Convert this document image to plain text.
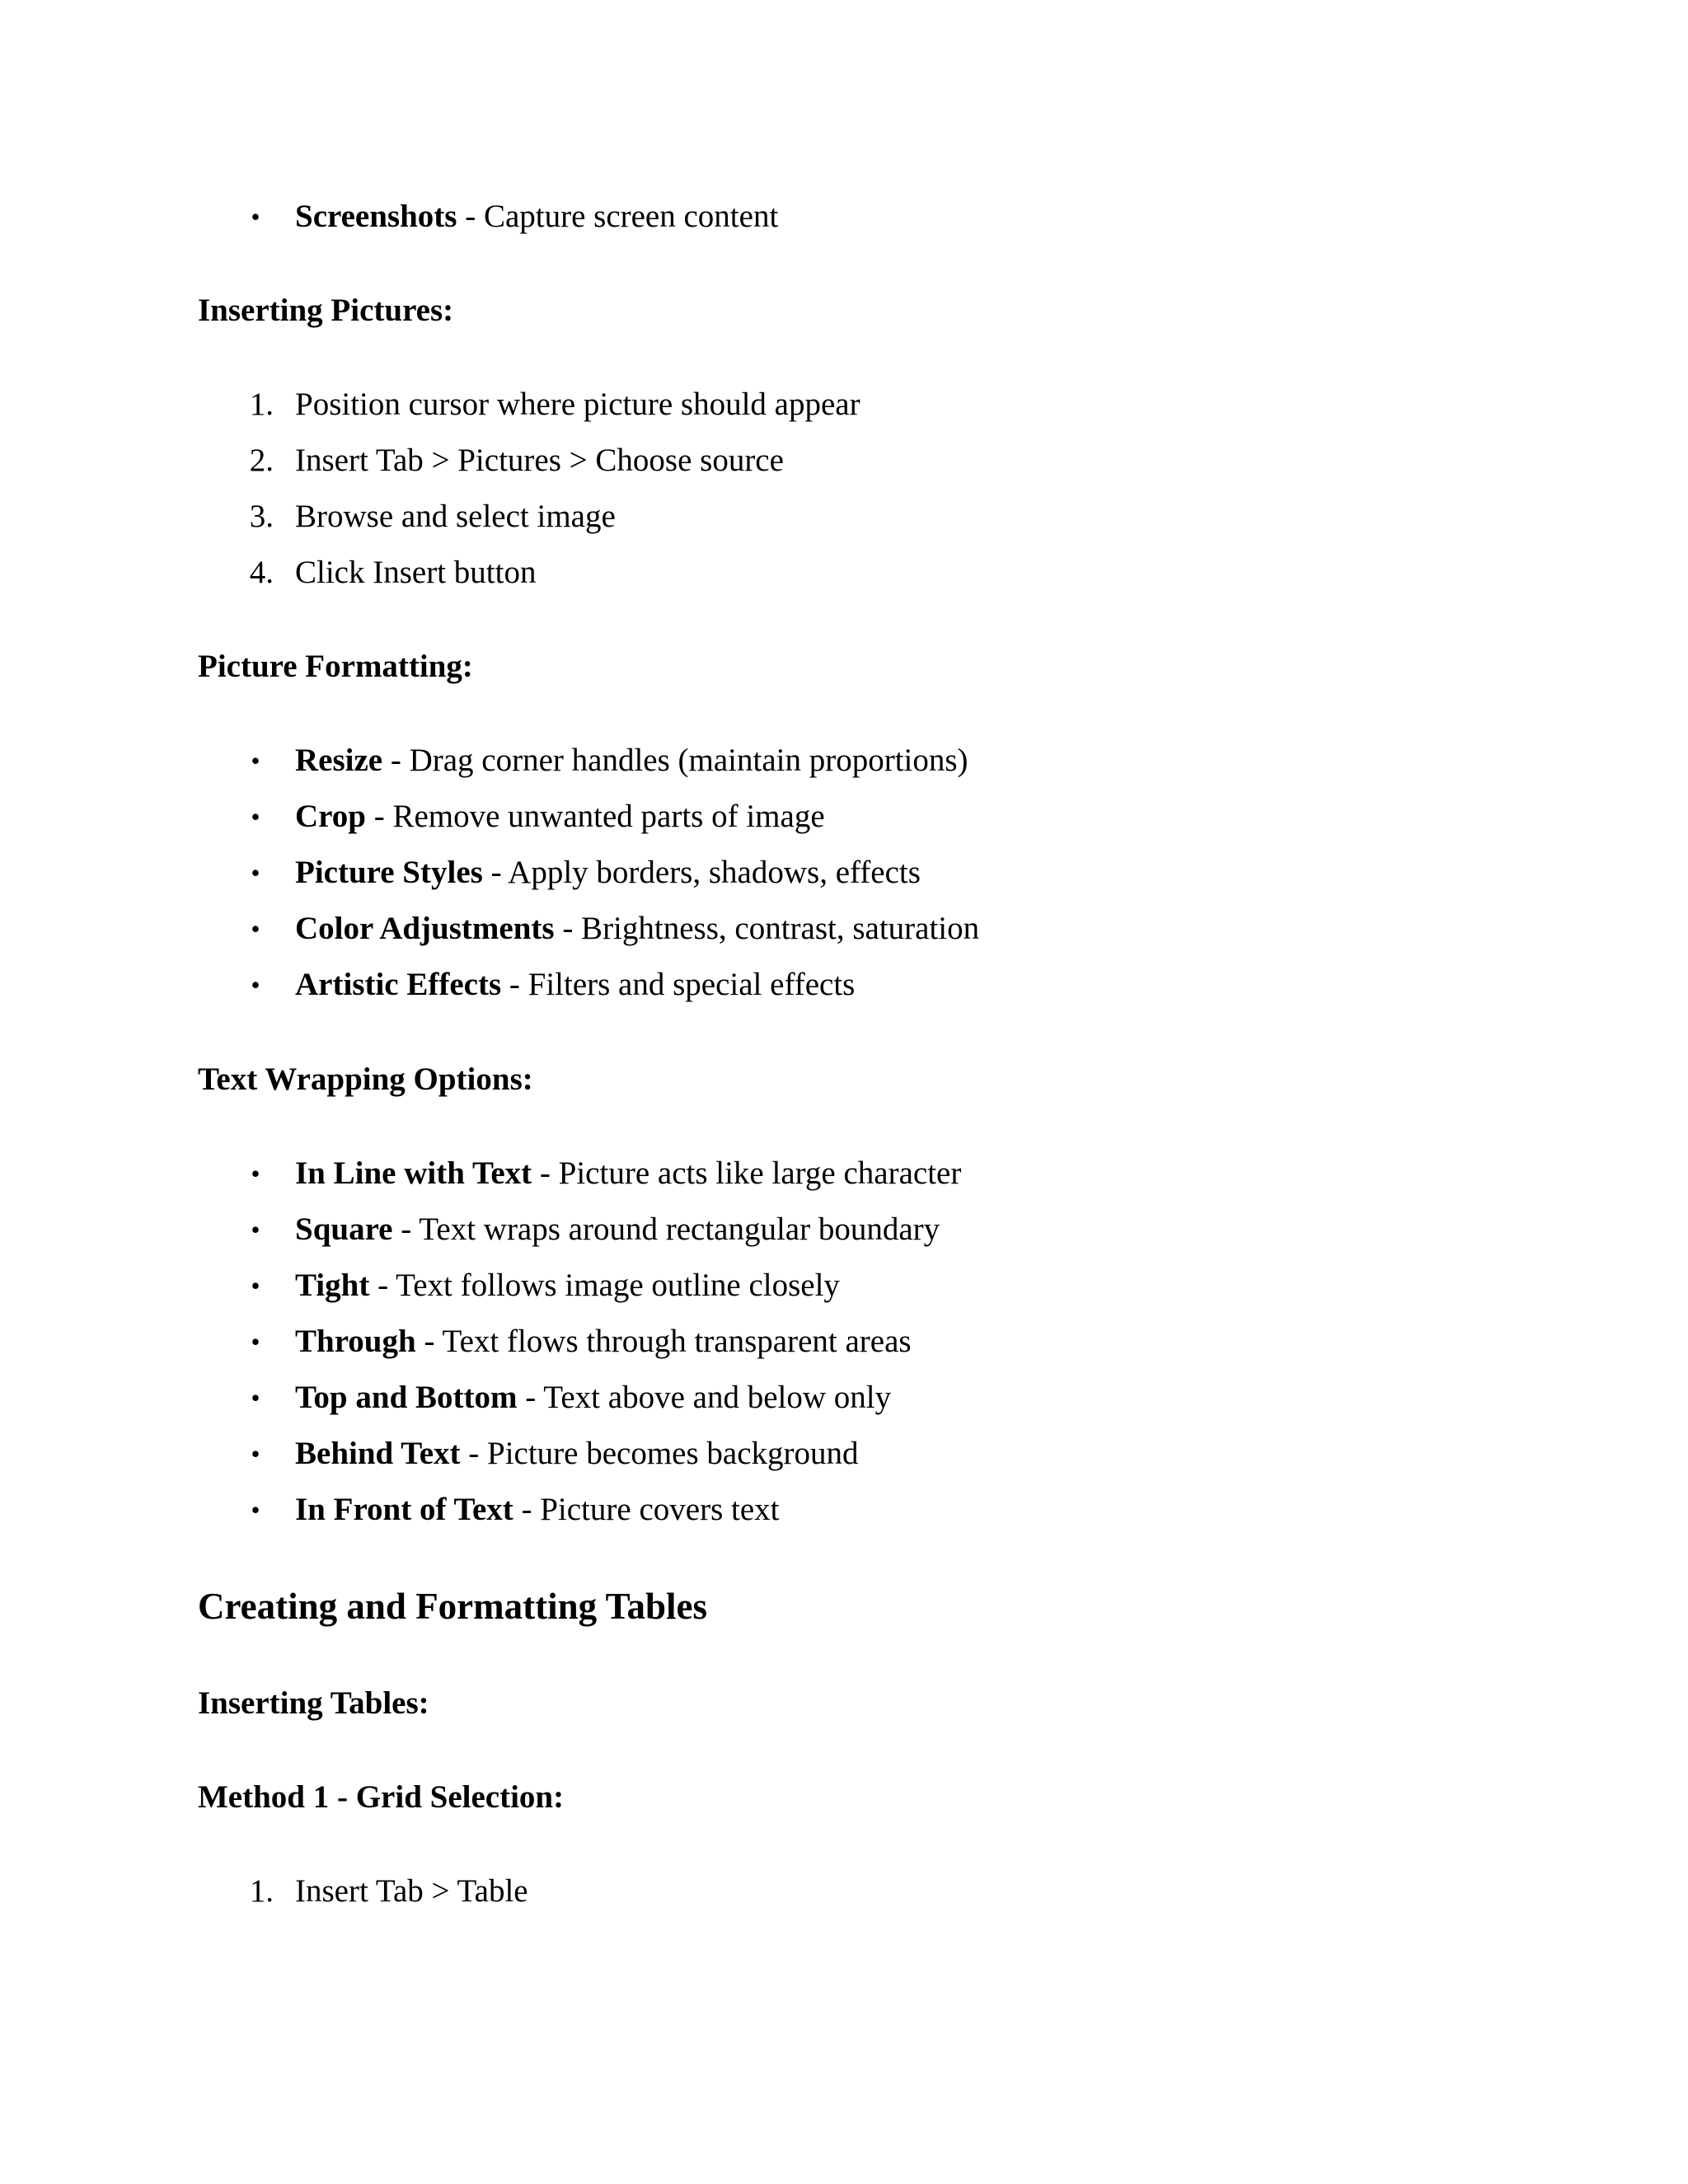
•	Screenshots - Capture screen content
Inserting Pictures:
1. Position cursor where picture should appear
2. Insert Tab > Pictures > Choose source
3. Browse and select image
4. Click Insert button
Picture Formatting:
•	Resize - Drag corner handles (maintain proportions)
•	Crop - Remove unwanted parts of image
•	Picture Styles - Apply borders, shadows, effects
•	Color Adjustments - Brightness, contrast, saturation
•	Artistic Effects - Filters and special effects
Text Wrapping Options:
•	In Line with Text - Picture acts like large character
•	Square - Text wraps around rectangular boundary
•	Tight - Text follows image outline closely
•	Through - Text flows through transparent areas
•	Top and Bottom - Text above and below only
•	Behind Text - Picture becomes background
•	In Front of Text - Picture covers text
Creating and Formatting Tables
Inserting Tables:
Method 1 - Grid Selection:
1. Insert Tab > Table
